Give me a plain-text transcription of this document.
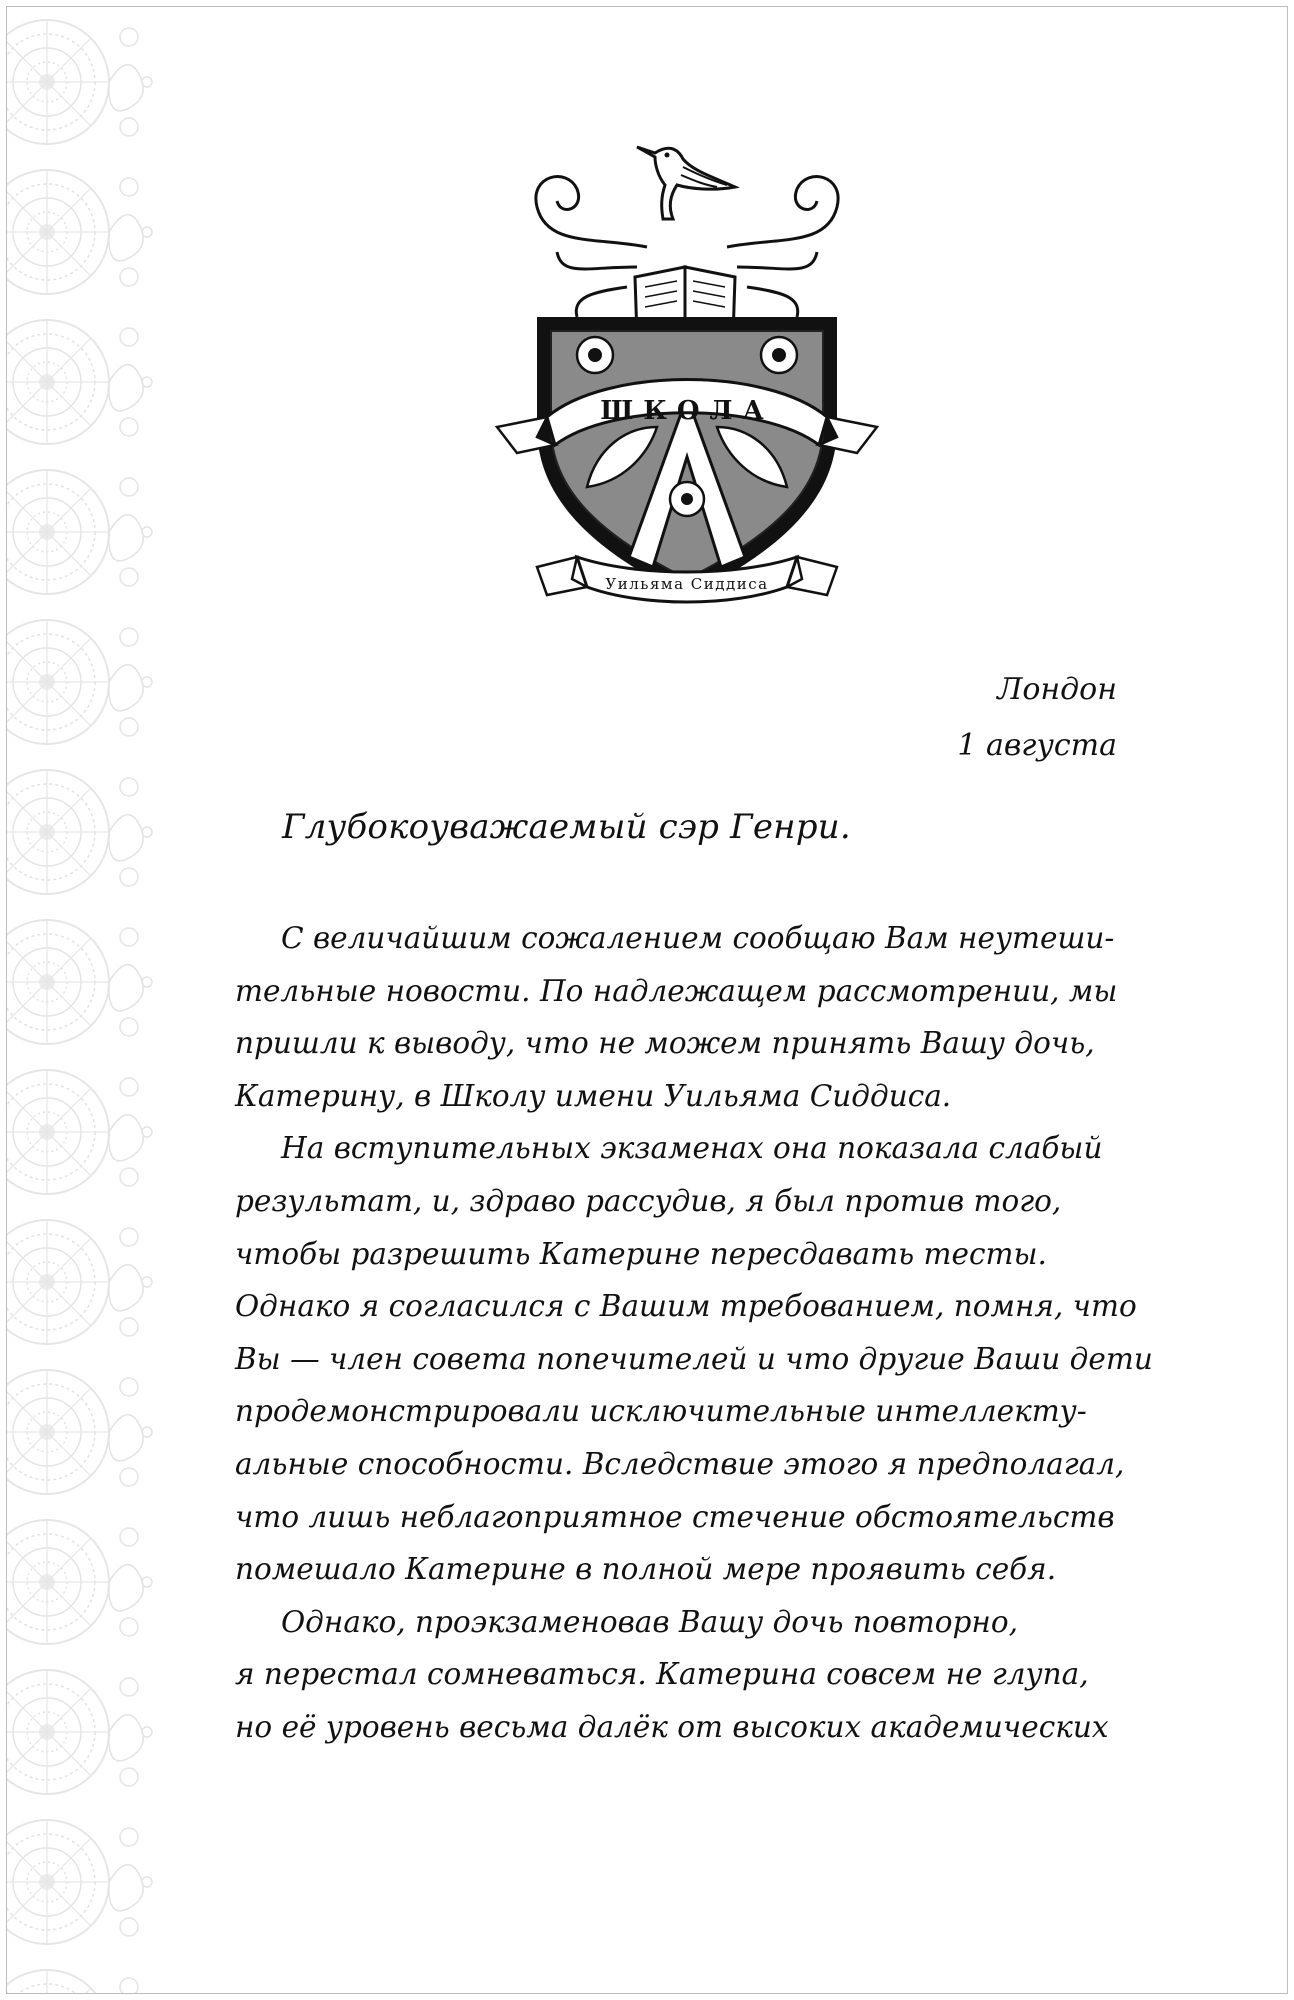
ШКОЛА
Уильяма Сиддиса
Лондон
1 августа
Глубокоуважаемый сэр Генри.
С величайшим сожалением сообщаю Вам неутеши-
тельные новости. По надлежащем рассмотрении, мы
пришли к выводу, что не можем принять Вашу дочь,
Катерину, в Школу имени Уильяма Сиддиса.
На вступительных экзаменах она показала слабый
результат, и, здраво рассудив, я был против того,
чтобы разрешить Катерине пересдавать тесты.
Однако я согласился с Вашим требованием, помня, что
Вы — член совета попечителей и что другие Ваши дети
продемонстрировали исключительные интеллекту-
альные способности. Вследствие этого я предполагал,
что лишь неблагоприятное стечение обстоятельств
помешало Катерине в полной мере проявить себя.
Однако, проэкзаменовав Вашу дочь повторно,
я перестал сомневаться. Катерина совсем не глупа,
но её уровень весьма далёк от высоких академических
